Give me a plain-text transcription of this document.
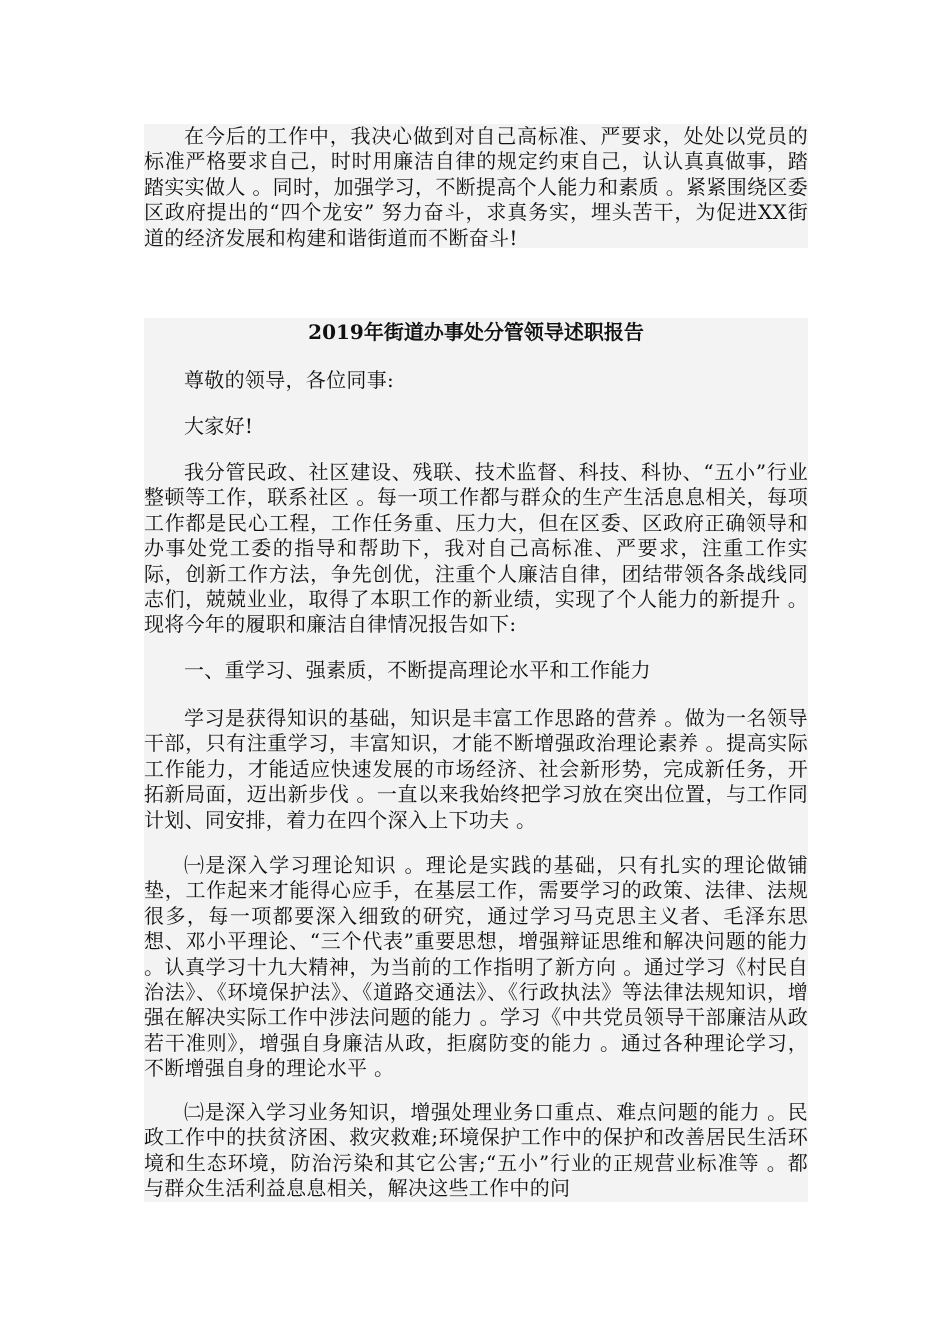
在今后的工作中，我决心做到对自己高标准、严要求，处处以党员的标准严格要求自己，时时用廉洁自律的规定约束自己，认认真真做事，踏踏实实做人 。同时，加强学习，不断提高个人能力和素质 。紧紧围绕区委区政府提出的“四个龙安” 努力奋斗，求真务实，埋头苦干，为促进XX街道的经济发展和构建和谐街道而不断奋斗!

2019年街道办事处分管领导述职报告

尊敬的领导，各位同事:

大家好!

我分管民政、社区建设、残联、技术监督、科技、科协、“五小”行业整顿等工作，联系社区 。每一项工作都与群众的生产生活息息相关，每项工作都是民心工程，工作任务重、压力大，但在区委、区政府正确领导和办事处党工委的指导和帮助下，我对自己高标准、严要求，注重工作实际，创新工作方法，争先创优，注重个人廉洁自律，团结带领各条战线同志们，兢兢业业，取得了本职工作的新业绩，实现了个人能力的新提升 。现将今年的履职和廉洁自律情况报告如下:

一、重学习、强素质，不断提高理论水平和工作能力

学习是获得知识的基础，知识是丰富工作思路的营养 。做为一名领导干部，只有注重学习，丰富知识，才能不断增强政治理论素养 。提高实际工作能力，才能适应快速发展的市场经济、社会新形势，完成新任务，开拓新局面，迈出新步伐 。一直以来我始终把学习放在突出位置，与工作同计划、同安排，着力在四个深入上下功夫 。

㈠是深入学习理论知识 。理论是实践的基础，只有扎实的理论做铺垫，工作起来才能得心应手，在基层工作，需要学习的政策、法律、法规很多，每一项都要深入细致的研究，通过学习马克思主义者、毛泽东思想、邓小平理论、“三个代表”重要思想，增强辩证思维和解决问题的能力 。认真学习十九大精神，为当前的工作指明了新方向 。通过学习《村民自治法》、《环境保护法》、《道路交通法》、《行政执法》等法律法规知识，增强在解决实际工作中涉法问题的能力 。学习《中共党员领导干部廉洁从政若干准则》，增强自身廉洁从政，拒腐防变的能力 。通过各种理论学习，不断增强自身的理论水平 。

㈡是深入学习业务知识，增强处理业务口重点、难点问题的能力 。民政工作中的扶贫济困、救灾救难;环境保护工作中的保护和改善居民生活环境和生态环境，防治污染和其它公害;“五小”行业的正规营业标准等 。都与群众生活利益息息相关，解决这些工作中的问
